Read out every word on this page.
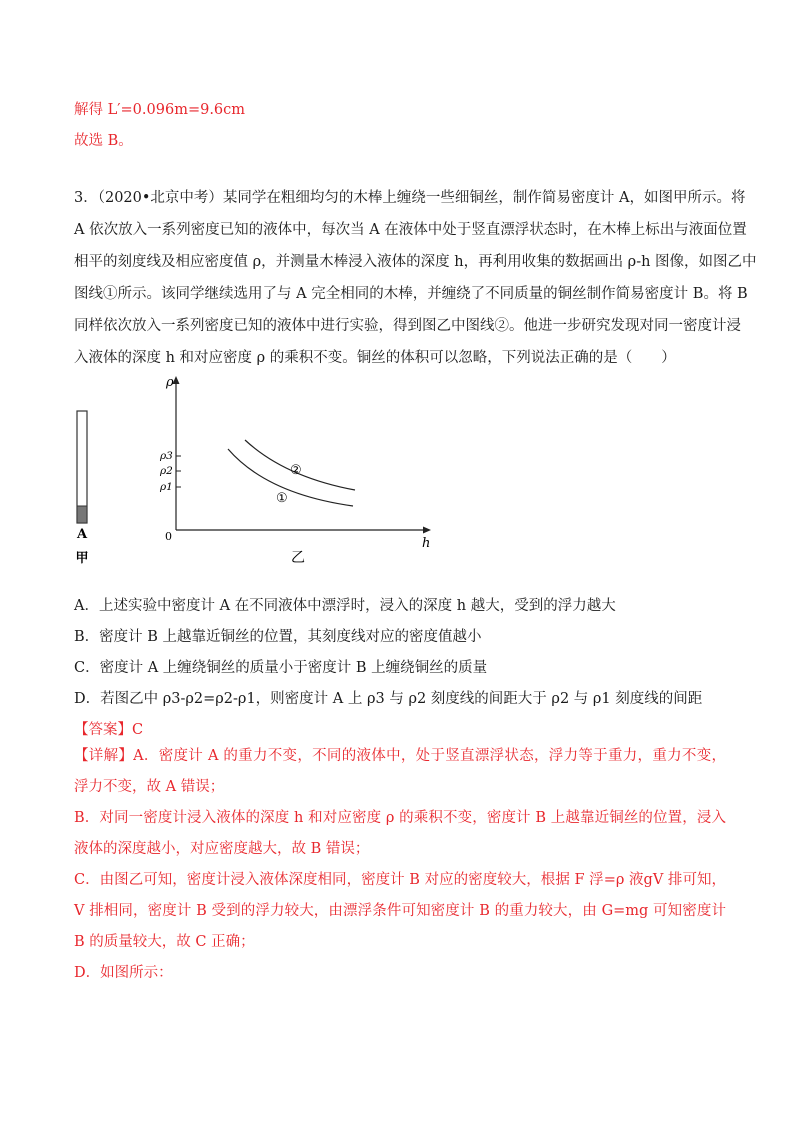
解得 L′=0.096m=9.6cm
故选 B。
3．（2020•北京中考）某同学在粗细均匀的木棒上缠绕一些细铜丝，制作简易密度计 A，如图甲所示。将
A 依次放入一系列密度已知的液体中，每次当 A 在液体中处于竖直漂浮状态时，在木棒上标出与液面位置
相平的刻度线及相应密度值 ρ，并测量木棒浸入液体的深度 h，再利用收集的数据画出 ρ-h 图像，如图乙中
图线①所示。该同学继续选用了与 A 完全相同的木棒，并缠绕了不同质量的铜丝制作简易密度计 B。将 B
同样依次放入一系列密度已知的液体中进行实验，得到图乙中图线②。他进一步研究发现对同一密度计浸
入液体的深度 h 和对应密度 ρ 的乘积不变。铜丝的体积可以忽略，下列说法正确的是（　　）
A
甲
ρ
h
0
ρ3
ρ2
ρ1
②
①
乙
A．上述实验中密度计 A 在不同液体中漂浮时，浸入的深度 h 越大，受到的浮力越大
B．密度计 B 上越靠近铜丝的位置，其刻度线对应的密度值越小
C．密度计 A 上缠绕铜丝的质量小于密度计 B 上缠绕铜丝的质量
D．若图乙中 ρ3-ρ2=ρ2-ρ1，则密度计 A 上 ρ3 与 ρ2 刻度线的间距大于 ρ2 与 ρ1 刻度线的间距
【答案】C
【详解】A．密度计 A 的重力不变，不同的液体中，处于竖直漂浮状态，浮力等于重力，重力不变，浮力不变，故 A 错误；
B．对同一密度计浸入液体的深度 h 和对应密度 ρ 的乘积不变，密度计 B 上越靠近铜丝的位置，浸入液体的深度越小，对应密度越大，故 B 错误；
C．由图乙可知，密度计浸入液体深度相同，密度计 B 对应的密度较大，根据 F 浮=ρ 液gV 排可知，V 排相同，密度计 B 受到的浮力较大，由漂浮条件可知密度计 B 的重力较大，由 G=mg 可知密度计 B 的质量较大，故 C 正确；
D．如图所示：
